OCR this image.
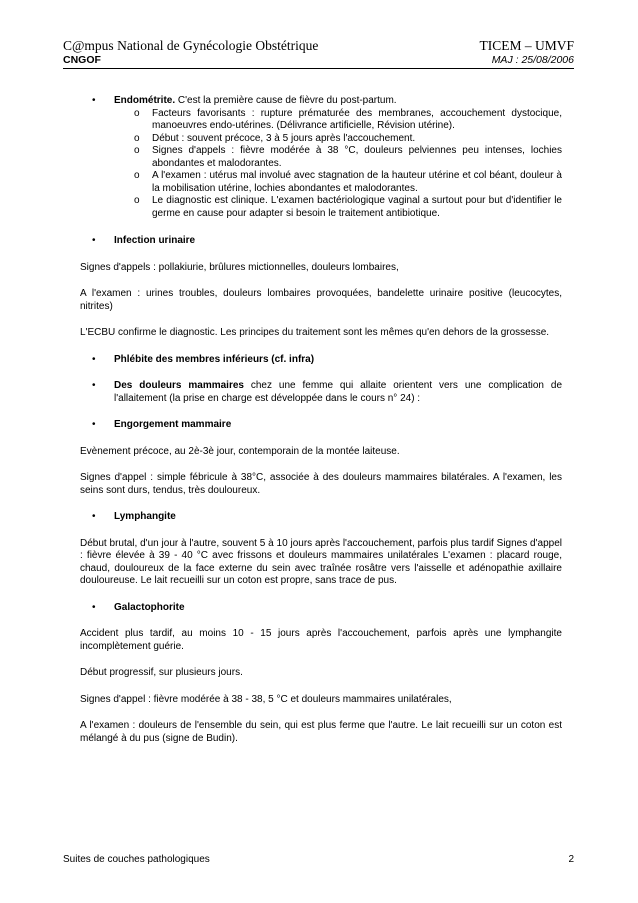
C@mpus National de Gynécologie Obstétrique	TICEM – UMVF
CNGOF	MAJ : 25/08/2006

• Endométrite. C'est la première cause de fièvre du post-partum.

o Facteurs favorisants : rupture prématurée des membranes, accouchement dystocique, manoeuvres endo-utérines. (Délivrance artificielle, Révision utérine).

o Début : souvent précoce, 3 à 5 jours après l'accouchement.

o Signes d'appels : fièvre modérée à 38 °C, douleurs pelviennes peu intenses, lochies abondantes et malodorantes.

o A l'examen : utérus mal involué avec stagnation de la hauteur utérine et col béant, douleur à la mobilisation utérine, lochies abondantes et malodorantes.

o Le diagnostic est clinique. L'examen bactériologique vaginal a surtout pour but d'identifier le germe en cause pour adapter si besoin le traitement antibiotique.

• Infection urinaire

Signes d'appels : pollakiurie, brûlures mictionnelles, douleurs lombaires,

A l'examen : urines troubles, douleurs lombaires provoquées, bandelette urinaire positive (leucocytes, nitrites)

L'ECBU confirme le diagnostic. Les principes du traitement sont les mêmes qu'en dehors de la grossesse.

• Phlébite des membres inférieurs (cf. infra)

• Des douleurs mammaires chez une femme qui allaite orientent vers une complication de l'allaitement (la prise en charge est développée dans le cours n° 24) :

• Engorgement mammaire

Evènement précoce, au 2è-3è jour, contemporain de la montée laiteuse.

Signes d'appel : simple fébricule à 38°C, associée à des douleurs mammaires bilatérales. A l'examen, les seins sont durs, tendus, très douloureux.

• Lymphangite

Début brutal, d'un jour à l'autre, souvent 5 à 10 jours après l'accouchement, parfois plus tardif Signes d'appel : fièvre élevée à 39 - 40 °C avec frissons et douleurs mammaires unilatérales L'examen : placard rouge, chaud, douloureux de la face externe du sein avec traînée rosâtre vers l'aisselle et adénopathie axillaire douloureuse. Le lait recueilli sur un coton est propre, sans trace de pus.

• Galactophorite

Accident plus tardif, au moins 10 - 15 jours après l'accouchement, parfois après une lymphangite incomplètement guérie.

Début progressif, sur plusieurs jours.

Signes d'appel : fièvre modérée à 38 - 38, 5 °C et douleurs mammaires unilatérales,

A l'examen : douleurs de l'ensemble du sein, qui est plus ferme que l'autre. Le lait recueilli sur un coton est mélangé à du pus (signe de Budin).

Suites de couches pathologiques	2
